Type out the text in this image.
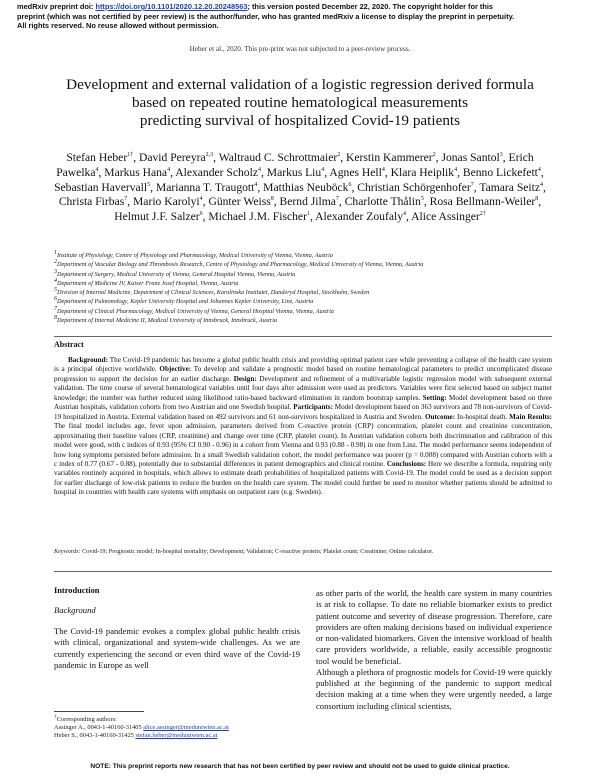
medRxiv preprint doi: https://doi.org/10.1101/2020.12.20.20248563; this version posted December 22, 2020. The copyright holder for this
preprint (which was not certified by peer review) is the author/funder, who has granted medRxiv a license to display the preprint in perpetuity.
All rights reserved. No reuse allowed without permission.
Heber et al., 2020. This pre-print was not subjected to a peer-review process.
Development and external validation of a logistic regression derived formula
based on repeated routine hematological measurements
predicting survival of hospitalized Covid-19 patients
Stefan Heber$^{1\dagger}$, David Pereyra$^{2,3}$, Waltraud C. Schrottmaier$^2$, Kerstin Kammerer$^2$, Jonas Santol$^3$, Erich Pawelka$^4$, Markus Hana$^4$, Alexander Scholz$^4$, Markus Liu$^4$, Agnes Hell$^4$, Klara Heiplik$^4$, Benno Lickefett$^4$, Sebastian Havervall$^5$, Marianna T. Traugott$^4$, Matthias Neuböck$^6$, Christian Schörgenhofer$^7$, Tamara Seitz$^4$, Christa Firbas$^7$, Mario Karolyi$^4$, Günter Weiss$^8$, Bernd Jilma$^7$, Charlotte Thålin$^5$, Rosa Bellmann-Weiler$^8$, Helmut J.F. Salzer$^6$, Michael J.M. Fischer$^1$, Alexander Zoufaly$^4$, Alice Assinger$^{2\dagger}$
$^1$Institute of Physiology, Centre of Physiology and Pharmacology, Medical University of Vienna, Vienna, Austria
$^2$Department of Vascular Biology and Thrombosis Research, Centre of Physiology and Pharmacology, Medical University of Vienna, Vienna, Austria
$^3$Department of Surgery, Medical University of Vienna, General Hospital Vienna, Vienna, Austria
$^4$Department of Medicine IV, Kaiser Franz Josef Hospital, Vienna, Austria
$^5$Division of Internal Medicine, Department of Clinical Sciences, Karolinska Institutet, Danderyd Hospital, Stockholm, Sweden
$^6$Department of Pulmonology, Kepler University Hospital and Johannes Kepler University, Linz, Austria
$^7$Department of Clinical Pharmacology, Medical University of Vienna, General Hospital Vienna, Vienna, Austria
$^8$Department of Internal Medicine II, Medical University of Innsbruck, Innsbruck, Austria
Abstract

Background: The Covid-19 pandemic has become a global public health crisis and providing optimal patient care while preventing a collapse of the health care system is a principal objective worldwide. Objective: To develop and validate a prognostic model based on routine hematological parameters to predict uncomplicated disease progression to support the decision for an earlier discharge. Design: Development and refinement of a multivariable logistic regression model with subsequent external validation. The time course of several hematological variables until four days after admission were used as predictors. Variables were first selected based on subject matter knowledge; the number was further reduced using likelihood ratio-based backward elimination in random bootstrap samples. Setting: Model development based on three Austrian hospitals, validation cohorts from two Austrian and one Swedish hospital. Participants: Model development based on 363 survivors and 78 non-survivors of Covid-19 hospitalized in Austria. External validation based on 492 survivors and 61 non-survivors hospitalized in Austria and Sweden. Outcome: In-hospital death. Main Results: The final model includes age, fever upon admission, parameters derived from C-reactive protein (CRP) concentration, platelet count and creatinine concentration, approximating their baseline values (CRP, creatinine) and change over time (CRP, platelet count). In Austrian validation cohorts both discrimination and calibration of this model were good, with c indices of 0.93 (95% CI 0.90 - 0.96) in a cohort from Vienna and 0.93 (0.88 - 0.98) in one from Linz. The model performance seems independent of how long symptoms persisted before admission. In a small Swedish validation cohort, the model performance was poorer (p = 0.008) compared with Austrian cohorts with a c index of 0.77 (0.67 - 0.88), potentially due to substantial differences in patient demographics and clinical routine. Conclusions: Here we describe a formula, requiring only variables routinely acquired in hospitals, which allows to estimate death probabilities of hospitalized patients with Covid-19. The model could be used as a decision support for earlier discharge of low-risk patients to reduce the burden on the health care system. The model could further be used to monitor whether patients should be admitted to hospital in countries with health care systems with emphasis on outpatient care (e.g. Sweden).

Keywords: Covid-19; Prognostic model; In-hospital mortality; Development; Validation; C-reactive protein; Platelet count; Creatinine; Online calculator.
Introduction
Background

The Covid-19 pandemic evokes a complex global public health crisis with clinical, organizational and system-wide challenges. As we are currently experiencing the second or even third wave of the Covid-19 pandemic in Europe as well

as other parts of the world, the health care system in many countries is at risk to collapse. To date no reliable biomarker exists to predict patient outcome and severity of disease progression. Therefore, care providers are often making decisions based on individual experience or non-validated biomarkers. Given the intensive workload of health care providers worldwide, a reliable, easily accessible prognostic tool would be beneficial.

Although a plethora of prognostic models for Covid-19 were quickly published at the beginning of the pandemic to support medical decision making at a time when they were urgently needed, a large consortium including clinical scientists,

†Corresponding authors:
Assinger A., 0043-1-40160-31405 alice.assinger@meduniwien.ac.at
Heber S., 0043-1-40160-31425 stefan.heber@meduniwien.ac.at
NOTE: This preprint reports new research that has not been certified by peer review and should not be used to guide clinical practice.
